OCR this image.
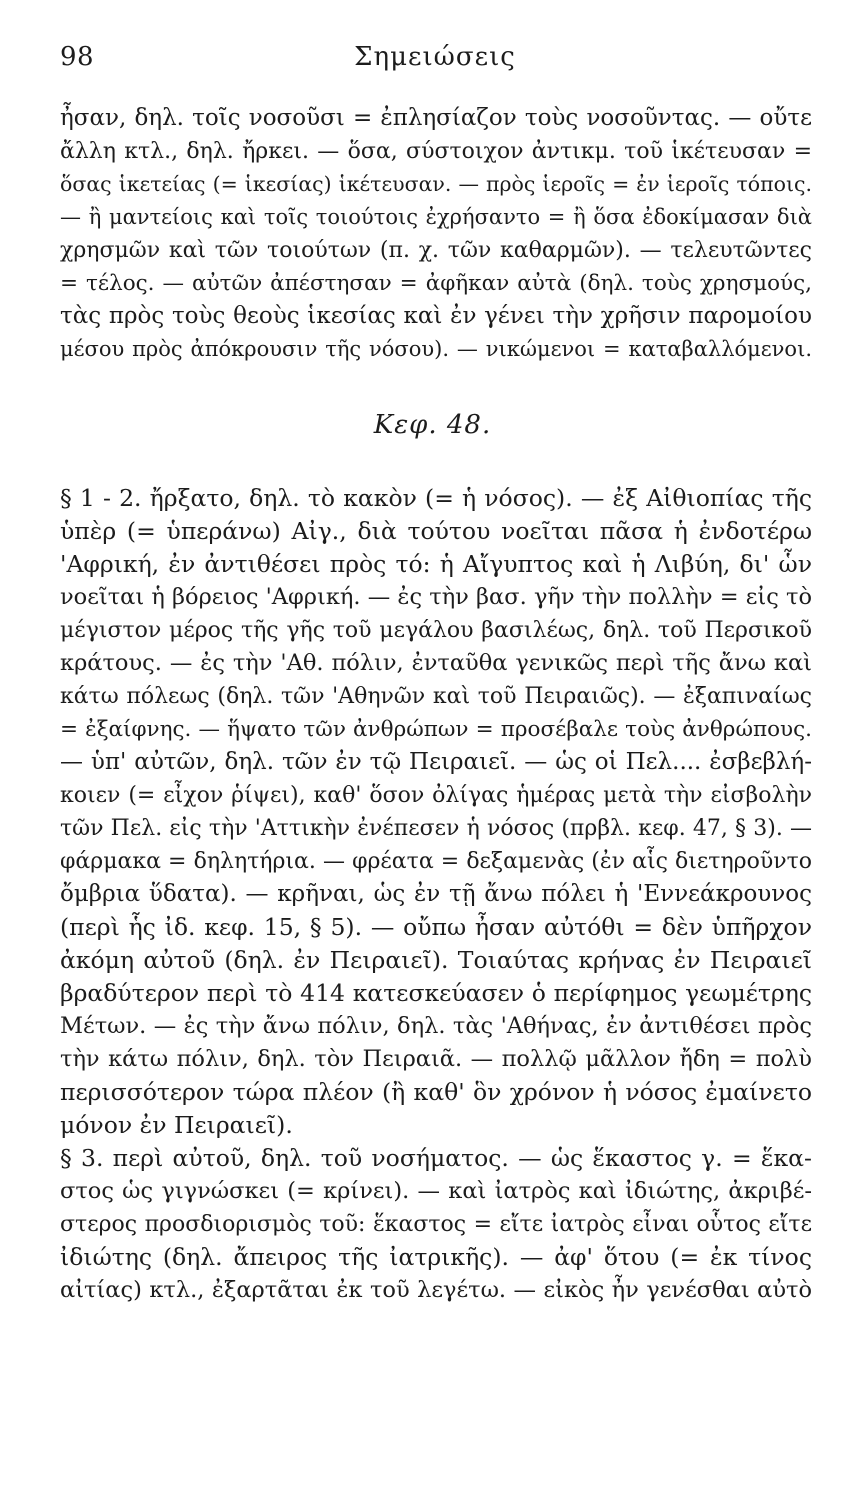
98	Σημειώσεις
ἦσαν, δηλ. τοῖς νοσοῦσι = ἐπλησίαζον τοὺς νοσοῦντας. — οὔτε
ἄλλη κτλ., δηλ. ἤρκει. — ὅσα, σύστοιχον ἀντικμ. τοῦ ἱκέτευσαν =
ὅσας ἱκετείας (= ἱκεσίας) ἱκέτευσαν. — πρὸς ἱεροῖς = ἐν ἱεροῖς τόποις.
— ἢ μαντείοις καὶ τοῖς τοιούτοις ἐχρήσαντο = ἢ ὅσα ἐδοκίμασαν διὰ
χρησμῶν καὶ τῶν τοιούτων (π. χ. τῶν καθαρμῶν). — τελευτῶντες
= τέλος. — αὐτῶν ἀπέστησαν = ἀφῆκαν αὐτὰ (δηλ. τοὺς χρησμούς,
τὰς πρὸς τοὺς θεοὺς ἱκεσίας καὶ ἐν γένει τὴν χρῆσιν παρομοίου
μέσου πρὸς ἀπόκρουσιν τῆς νόσου). — νικώμενοι = καταβαλλόμενοι.
Κεφ. 48.
§ 1 - 2. ἤρξατο, δηλ. τὸ κακὸν (= ἡ νόσος). — ἐξ Αἰθιοπίας τῆς
ὑπὲρ (= ὑπεράνω) Αἰγ., διὰ τούτου νοεῖται πᾶσα ἡ ἐνδοτέρω
'Αφρική, ἐν ἀντιθέσει πρὸς τό: ἡ Αἴγυπτος καὶ ἡ Λιβύη, δι' ὧν
νοεῖται ἡ βόρειος 'Αφρική. — ἐς τὴν βασ. γῆν τὴν πολλὴν = εἰς τὸ
μέγιστον μέρος τῆς γῆς τοῦ μεγάλου βασιλέως, δηλ. τοῦ Περσικοῦ
κράτους. — ἐς τὴν 'Αθ. πόλιν, ἐνταῦθα γενικῶς περὶ τῆς ἄνω καὶ
κάτω πόλεως (δηλ. τῶν 'Αθηνῶν καὶ τοῦ Πειραιῶς). — ἐξαπιναίως
= ἐξαίφνης. — ἥψατο τῶν ἀνθρώπων = προσέβαλε τοὺς ἀνθρώπους.
— ὑπ' αὐτῶν, δηλ. τῶν ἐν τῷ Πειραιεῖ. — ὡς οἱ Πελ.... ἐσβεβλή-
κοιεν (= εἶχον ῥίψει), καθ' ὅσον ὀλίγας ἡμέρας μετὰ τὴν εἰσβολὴν
τῶν Πελ. εἰς τὴν 'Αττικὴν ἐνέπεσεν ἡ νόσος (πρβλ. κεφ. 47, § 3). —
φάρμακα = δηλητήρια. — φρέατα = δεξαμενὰς (ἐν αἷς διετηροῦντο
ὄμβρια ὕδατα). — κρῆναι, ὡς ἐν τῇ ἄνω πόλει ἡ 'Εννεάκρουνος
(περὶ ἧς ἰδ. κεφ. 15, § 5). — οὔπω ἦσαν αὐτόθι = δὲν ὑπῆρχον
ἀκόμη αὐτοῦ (δηλ. ἐν Πειραιεῖ). Τοιαύτας κρήνας ἐν Πειραιεῖ
βραδύτερον περὶ τὸ 414 κατεσκεύασεν ὁ περίφημος γεωμέτρης
Μέτων. — ἐς τὴν ἄνω πόλιν, δηλ. τὰς 'Αθήνας, ἐν ἀντιθέσει πρὸς
τὴν κάτω πόλιν, δηλ. τὸν Πειραιᾶ. — πολλῷ μᾶλλον ἤδη = πολὺ
περισσότερον τώρα πλέον (ἢ καθ' ὃν χρόνον ἡ νόσος ἐμαίνετο
μόνον ἐν Πειραιεῖ).
§ 3. περὶ αὐτοῦ, δηλ. τοῦ νοσήματος. — ὡς ἕκαστος γ. = ἕκα-
στος ὡς γιγνώσκει (= κρίνει). — καὶ ἰατρὸς καὶ ἰδιώτης, ἀκριβέ-
στερος προσδιορισμὸς τοῦ: ἕκαστος = εἴτε ἰατρὸς εἶναι οὗτος εἴτε
ἰδιώτης (δηλ. ἄπειρος τῆς ἰατρικῆς). — ἀφ' ὅτου (= ἐκ τίνος
αἰτίας) κτλ., ἐξαρτᾶται ἐκ τοῦ λεγέτω. — εἰκὸς ἦν γενέσθαι αὐτὸ
